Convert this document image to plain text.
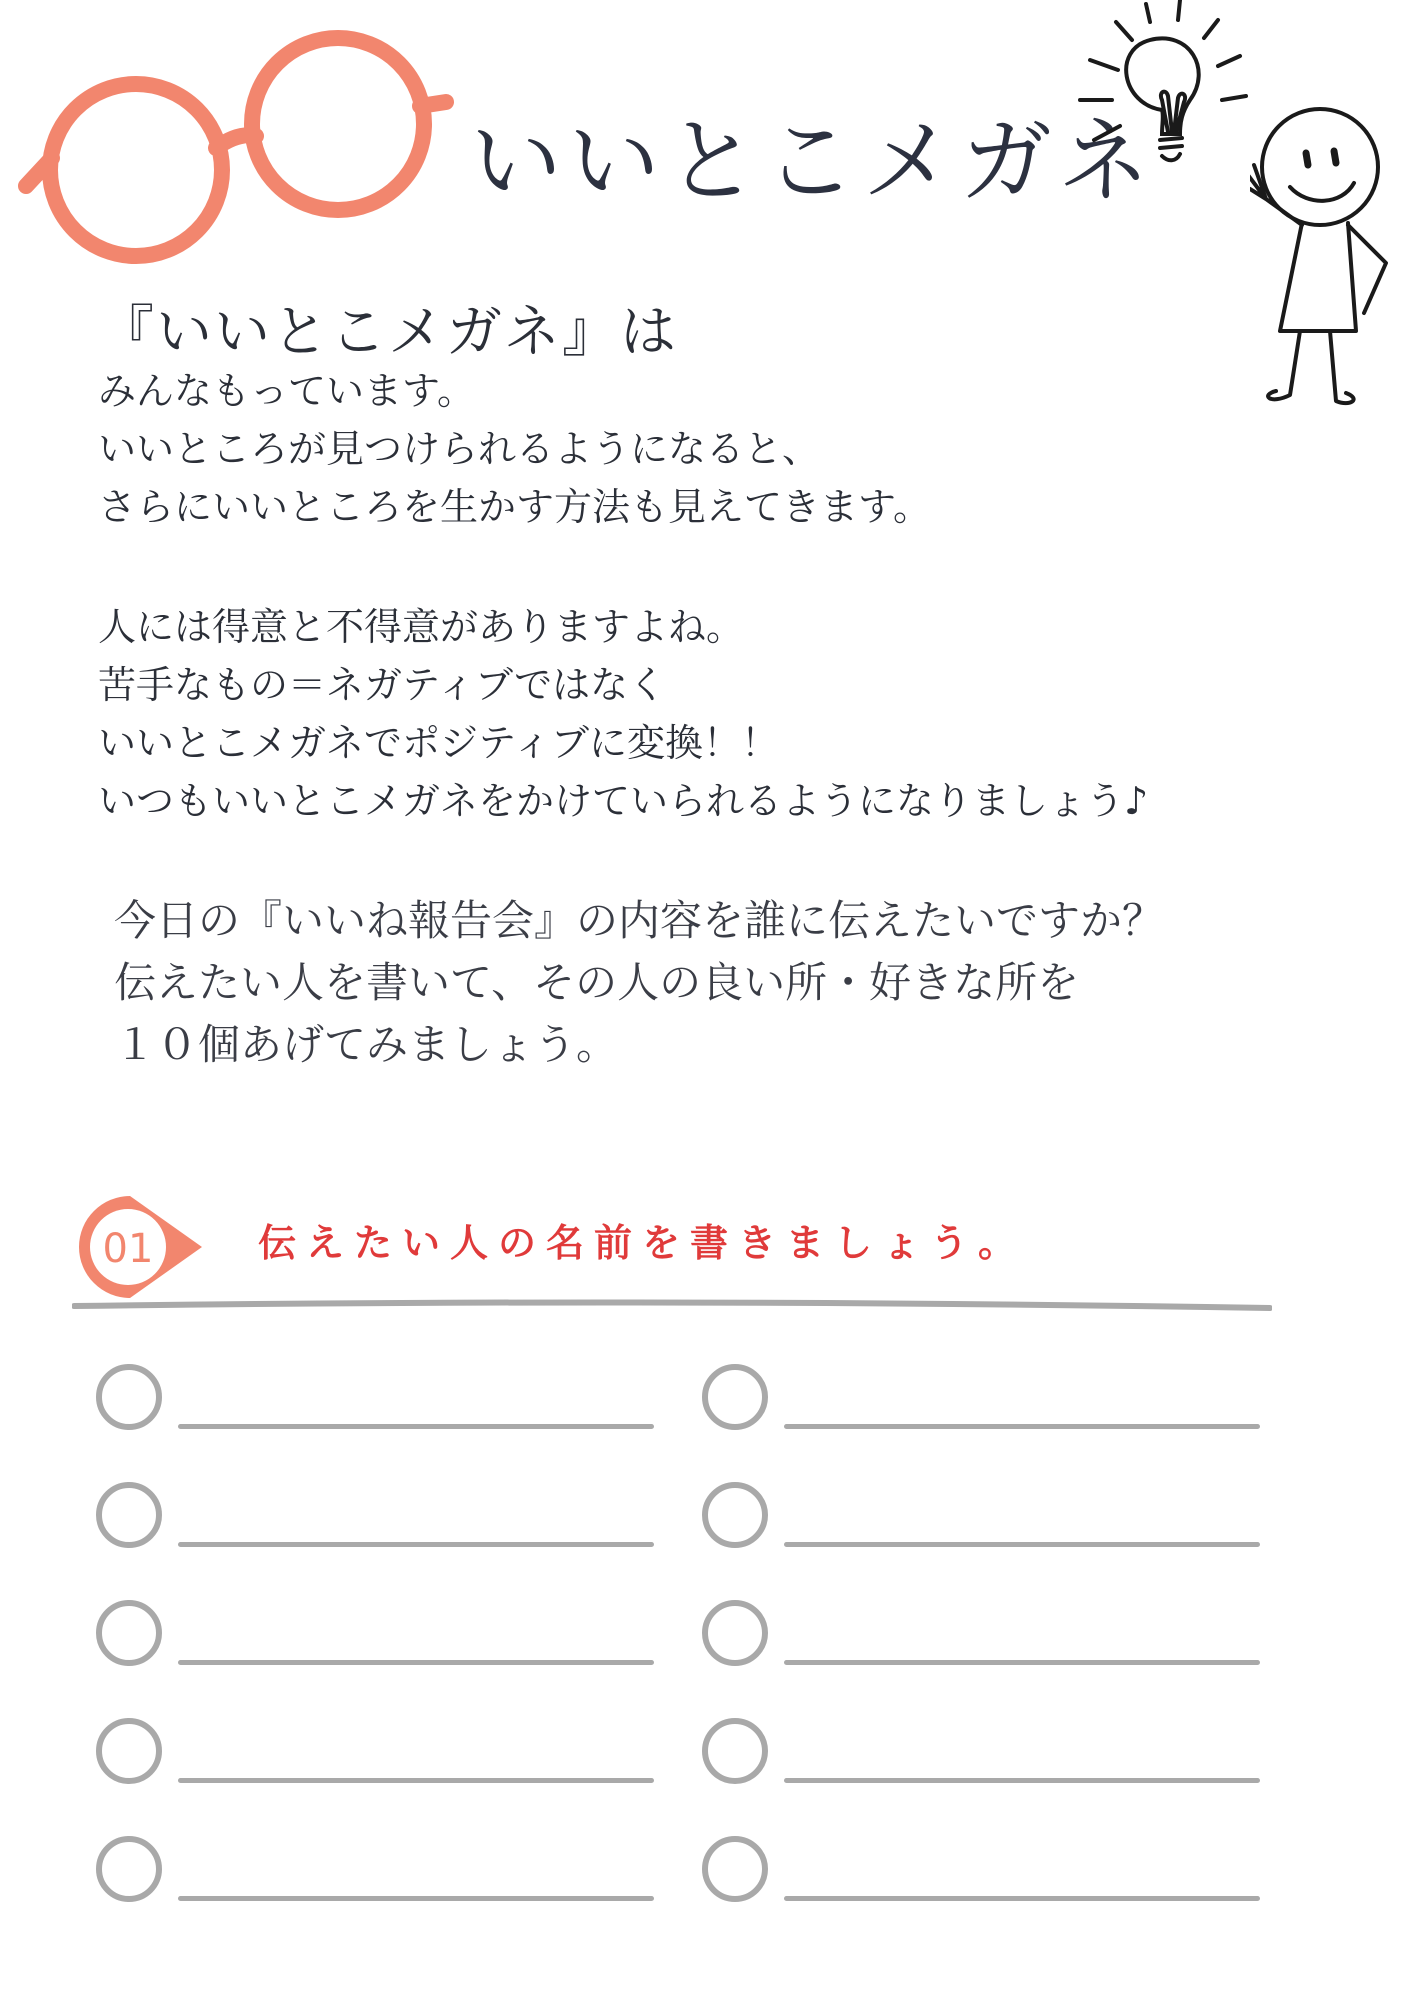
いいとこメガネ
『いいとこメガネ』は
みんなもっています。
いいところが見つけられるようになると、
さらにいいところを生かす方法も見えてきます。
人には得意と不得意がありますよね。
苦手なもの＝ネガティブではなく
いいとこメガネでポジティブに変換！！
いつもいいとこメガネをかけていられるようになりましょう♪
今日の『いいね報告会』の内容を誰に伝えたいですか？
伝えたい人を書いて、その人の良い所・好きな所を
１０個あげてみましょう。
01	伝えたい人の名前を書きましょう。
